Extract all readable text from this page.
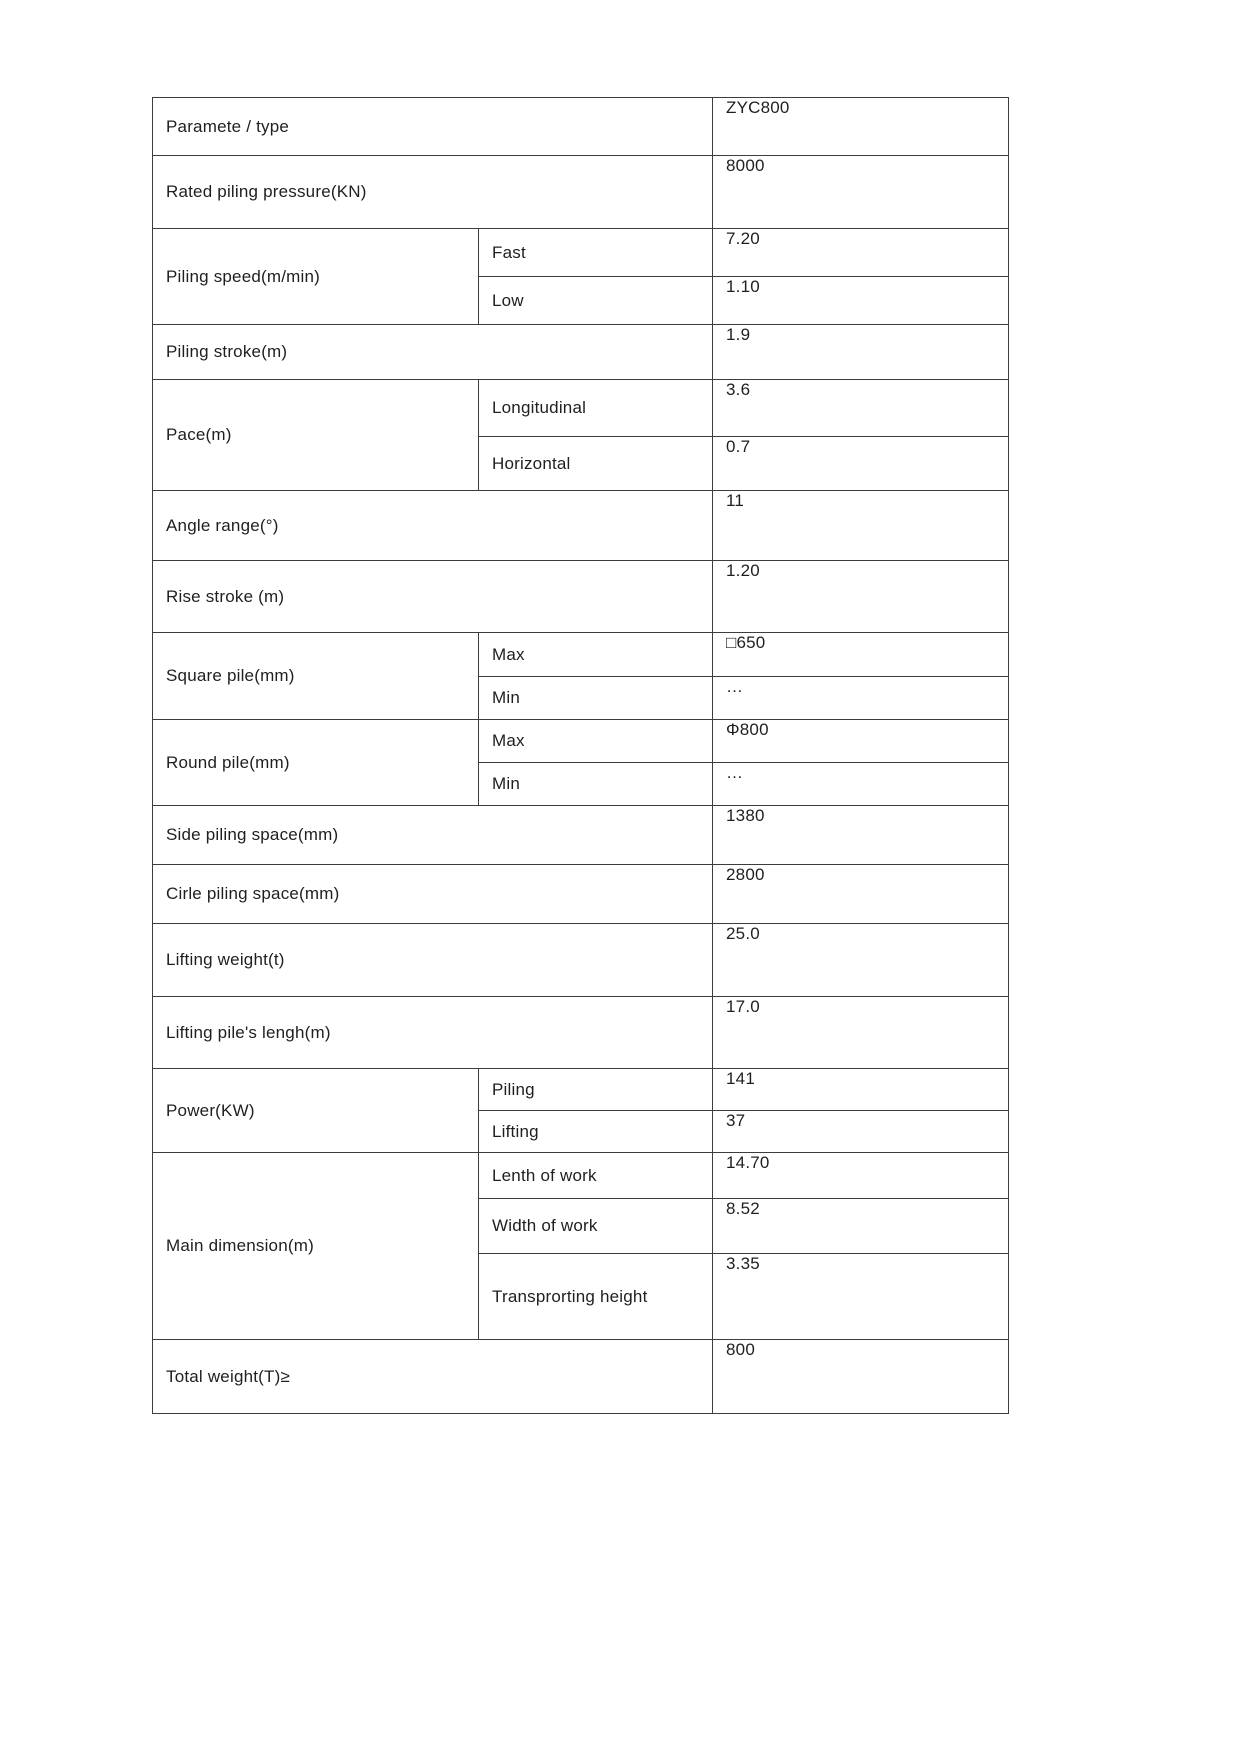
Paramete / type		ZYC800
Rated piling pressure(KN)		8000
Piling speed(m/min)	Fast	7.20
	Low	1.10
Piling stroke(m)		1.9
Pace(m)	Longitudinal	3.6
	Horizontal	0.7
Angle range(°)		11
Rise stroke (m)		1.20
Square pile(mm)	Max	□650
	Min	…
Round pile(mm)	Max	Φ800
	Min	…
Side piling space(mm)		1380
Cirle piling space(mm)		2800
Lifting weight(t)		25.0
Lifting pile's lengh(m)		17.0
Power(KW)	Piling	141
	Lifting	37
Main dimension(m)	Lenth of work	14.70
	Width of work	8.52
	Transprorting height	3.35
Total weight(T)≥		800
